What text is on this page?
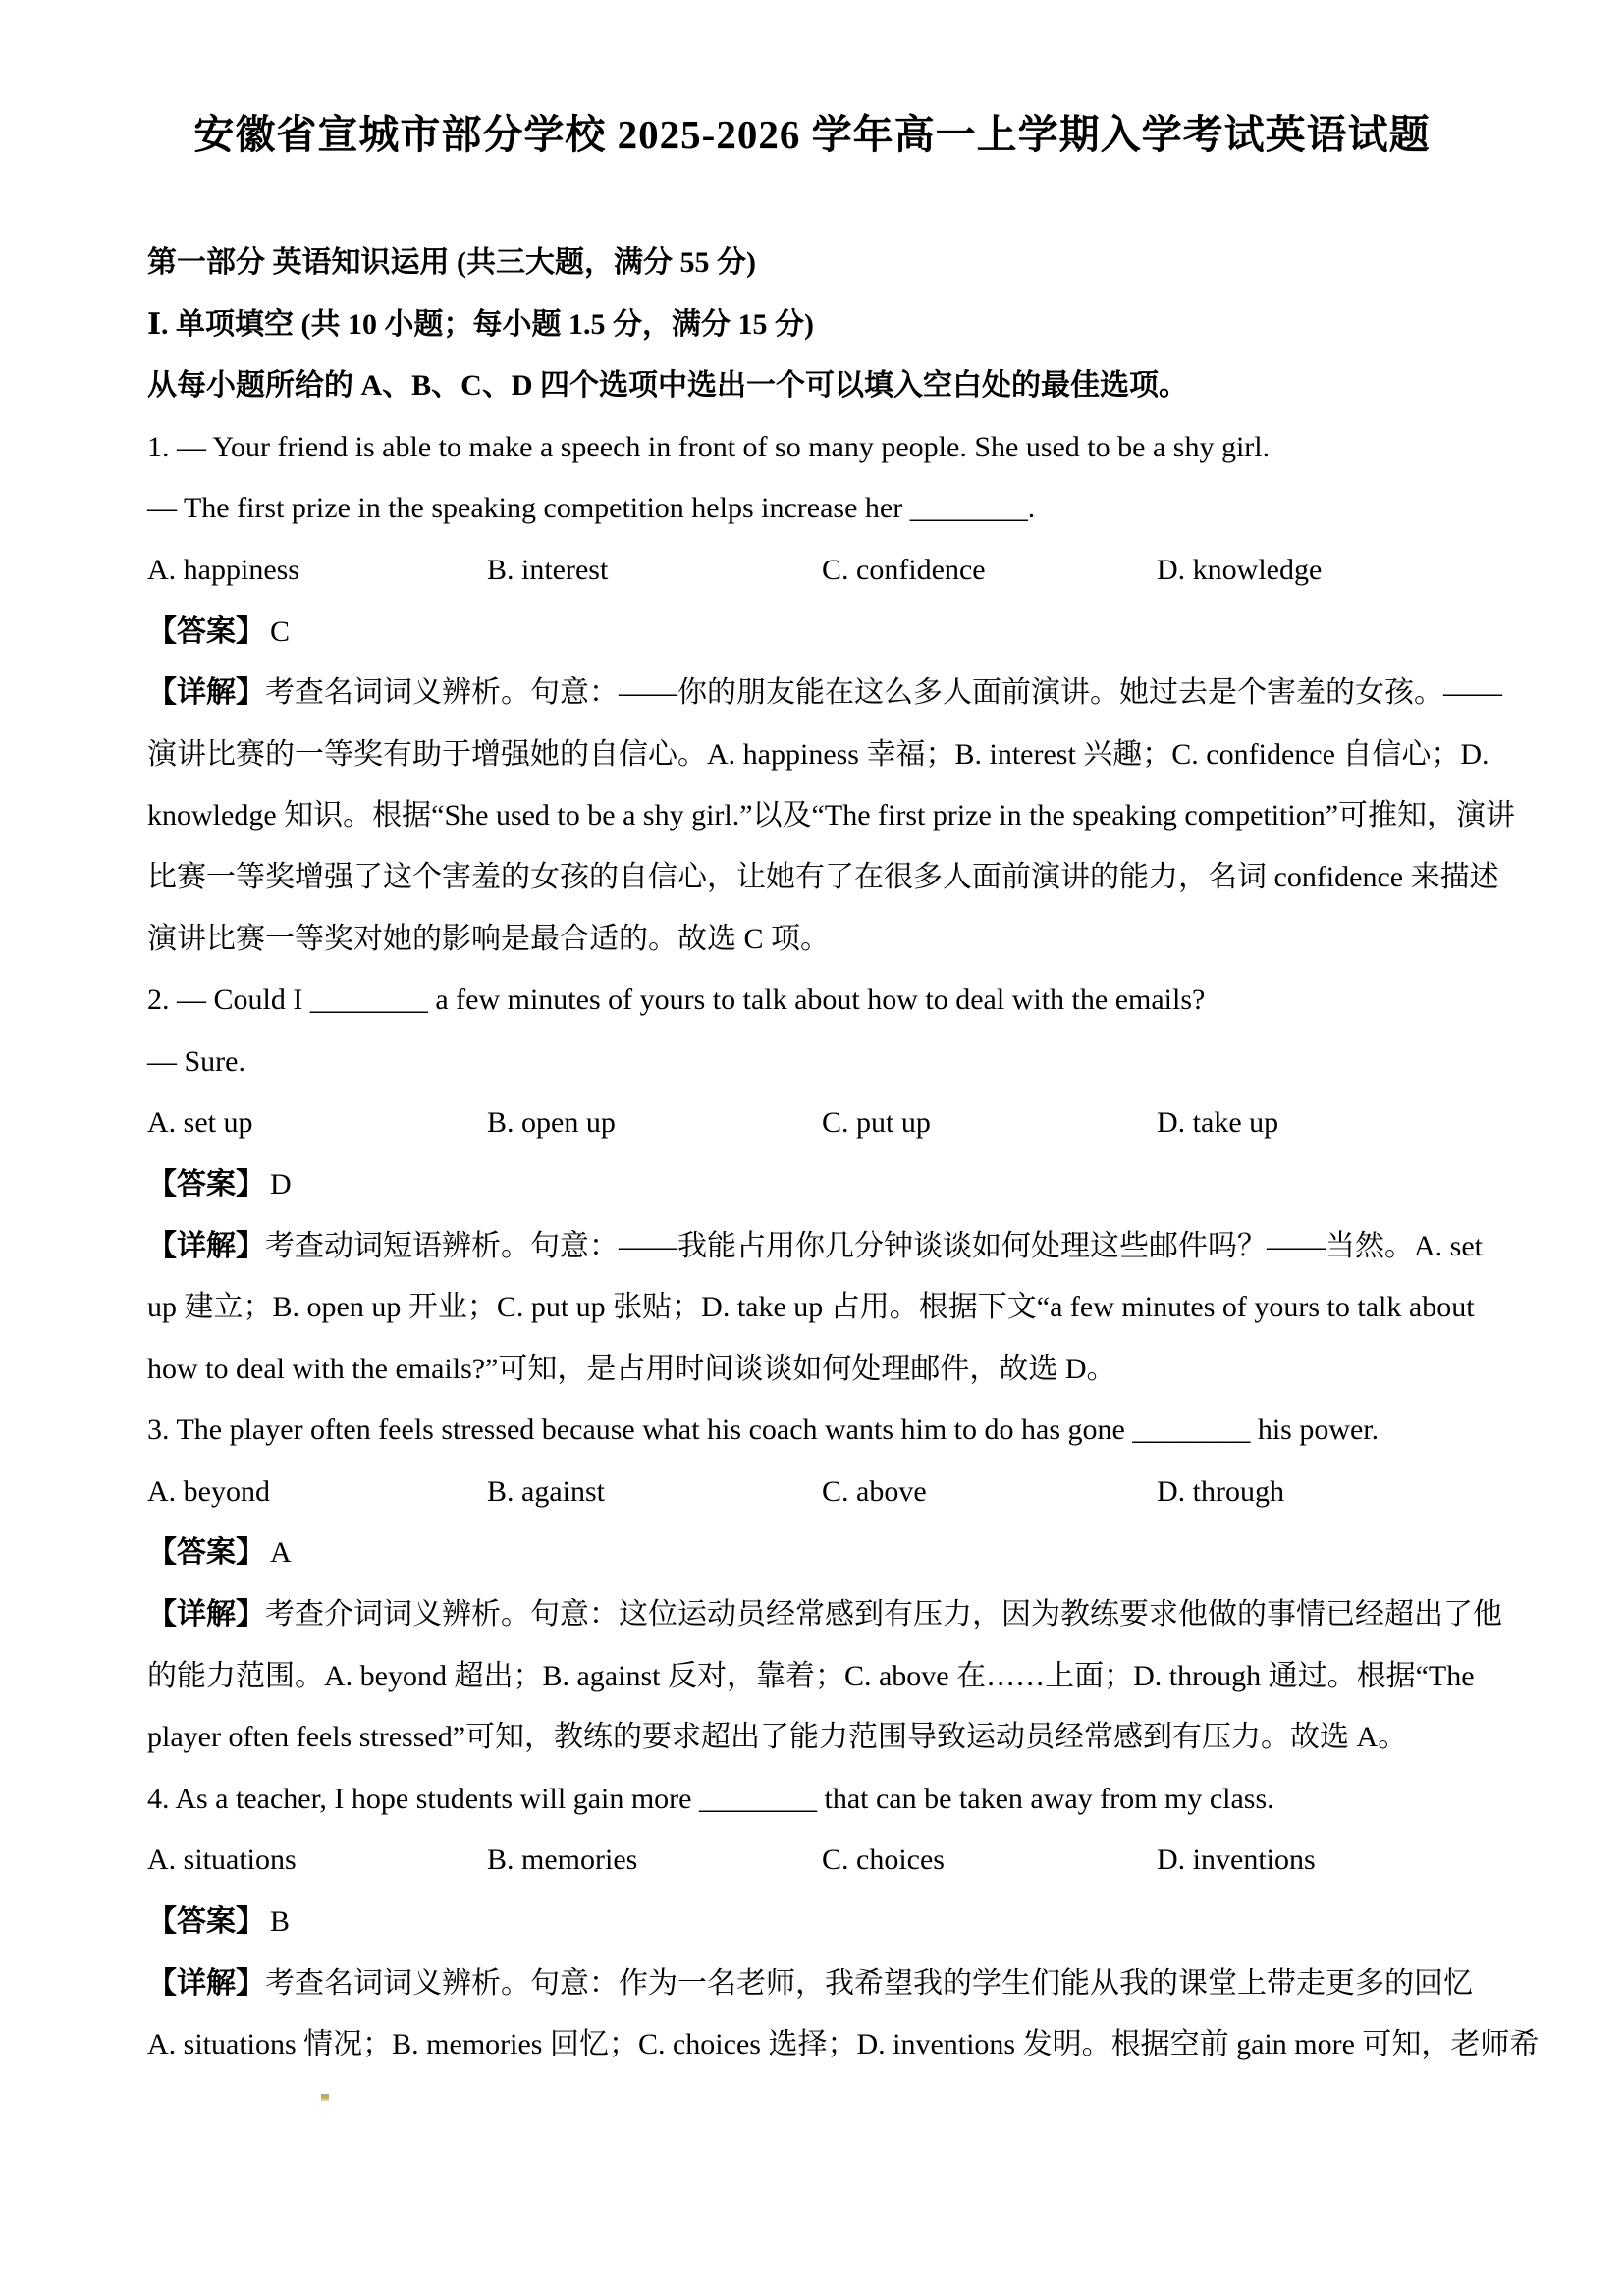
安徽省宣城市部分学校 2025-2026 学年高一上学期入学考试英语试题
第一部分 英语知识运用 (共三大题，满分 55 分)
Ⅰ. 单项填空 (共 10 小题；每小题 1.5 分，满分 15 分)
从每小题所给的 A、B、C、D 四个选项中选出一个可以填入空白处的最佳选项。
1. — Your friend is able to make a speech in front of so many people. She used to be a shy girl.
— The first prize in the speaking competition helps increase her ________.
A. happiness	B. interest	C. confidence	D. knowledge
【答案】 C
【详解】考查名词词义辨析。句意：——你的朋友能在这么多人面前演讲。她过去是个害羞的女孩。——
演讲比赛的一等奖有助于增强她的自信心。A. happiness 幸福；B. interest 兴趣；C. confidence 自信心；D.
knowledge 知识。根据“She used to be a shy girl.”以及“The first prize in the speaking competition”可推知，演讲
比赛一等奖增强了这个害羞的女孩的自信心，让她有了在很多人面前演讲的能力，名词 confidence 来描述
演讲比赛一等奖对她的影响是最合适的。故选 C 项。
2. — Could I ________ a few minutes of yours to talk about how to deal with the emails?
— Sure.
A. set up	B. open up	C. put up	D. take up
【答案】 D
【详解】考查动词短语辨析。句意：——我能占用你几分钟谈谈如何处理这些邮件吗？——当然。A. set
up 建立；B. open up 开业；C. put up 张贴；D. take up 占用。根据下文“a few minutes of yours to talk about
how to deal with the emails?”可知，是占用时间谈谈如何处理邮件，故选 D。
3. The player often feels stressed because what his coach wants him to do has gone ________ his power.
A. beyond	B. against	C. above	D. through
【答案】 A
【详解】考查介词词义辨析。句意：这位运动员经常感到有压力，因为教练要求他做的事情已经超出了他
的能力范围。A. beyond 超出；B. against 反对，靠着；C. above 在……上面；D. through 通过。根据“The
player often feels stressed”可知，教练的要求超出了能力范围导致运动员经常感到有压力。故选 A。
4. As a teacher, I hope students will gain more ________ that can be taken away from my class.
A. situations	B. memories	C. choices	D. inventions
【答案】 B
【详解】考查名词词义辨析。句意：作为一名老师，我希望我的学生们能从我的课堂上带走更多的回忆
A. situations 情况；B. memories 回忆；C. choices 选择；D. inventions 发明。根据空前 gain more 可知，老师希
